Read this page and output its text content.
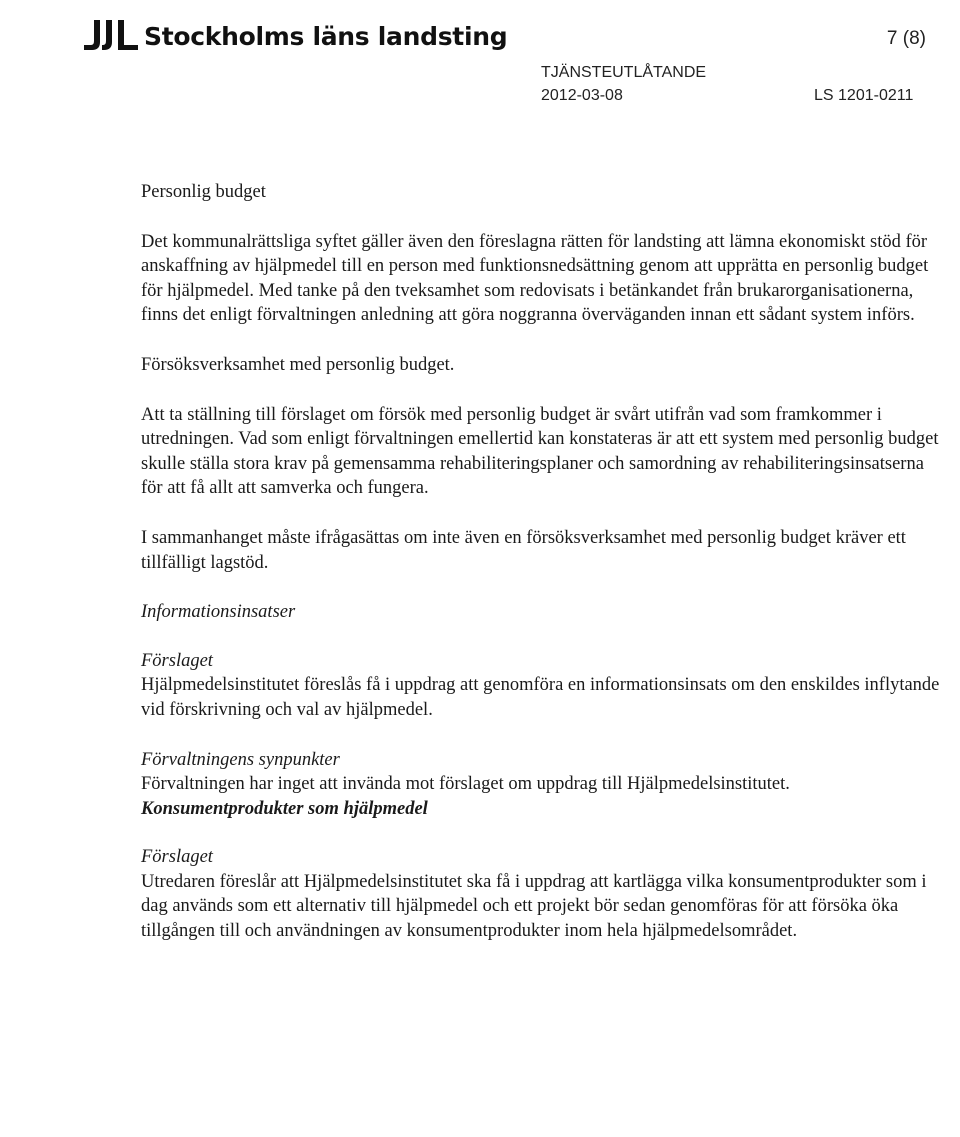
Stockholms läns landsting	7 (8)
TJÄNSTEUTLÅTANDE
2012-03-08	LS 1201-0211

Personlig budget

Det kommunalrättsliga syftet gäller även den föreslagna rätten för landsting att lämna ekonomiskt stöd för anskaffning av hjälpmedel till en person med funktionsnedsättning genom att upprätta en personlig budget för hjälpmedel. Med tanke på den tveksamhet som redovisats i betänkandet från brukarorganisationerna, finns det enligt förvaltningen anledning att göra noggranna överväganden innan ett sådant system införs.

Försöksverksamhet med personlig budget.

Att ta ställning till förslaget om försök med personlig budget är svårt utifrån vad som framkommer i utredningen. Vad som enligt förvaltningen emellertid kan konstateras är att ett system med personlig budget skulle ställa stora krav på gemensamma rehabiliteringsplaner och samordning av rehabiliteringsinsatserna för att få allt att samverka och fungera.

I sammanhanget måste ifrågasättas om inte även en försöksverksamhet med personlig budget kräver ett tillfälligt lagstöd.

Informationsinsatser

Förslaget

Hjälpmedelsinstitutet föreslås få i uppdrag att genomföra en informationsinsats om den enskildes inflytande vid förskrivning och val av hjälpmedel.

Förvaltningens synpunkter

Förvaltningen har inget att invända mot förslaget om uppdrag till Hjälpmedelsinstitutet.

Konsumentprodukter som hjälpmedel

Förslaget

Utredaren föreslår att Hjälpmedelsinstitutet ska få i uppdrag att kartlägga vilka konsumentprodukter som i dag används som ett alternativ till hjälpmedel och ett projekt bör sedan genomföras för att försöka öka tillgången till och användningen av konsumentprodukter inom hela hjälpmedelsområdet.
